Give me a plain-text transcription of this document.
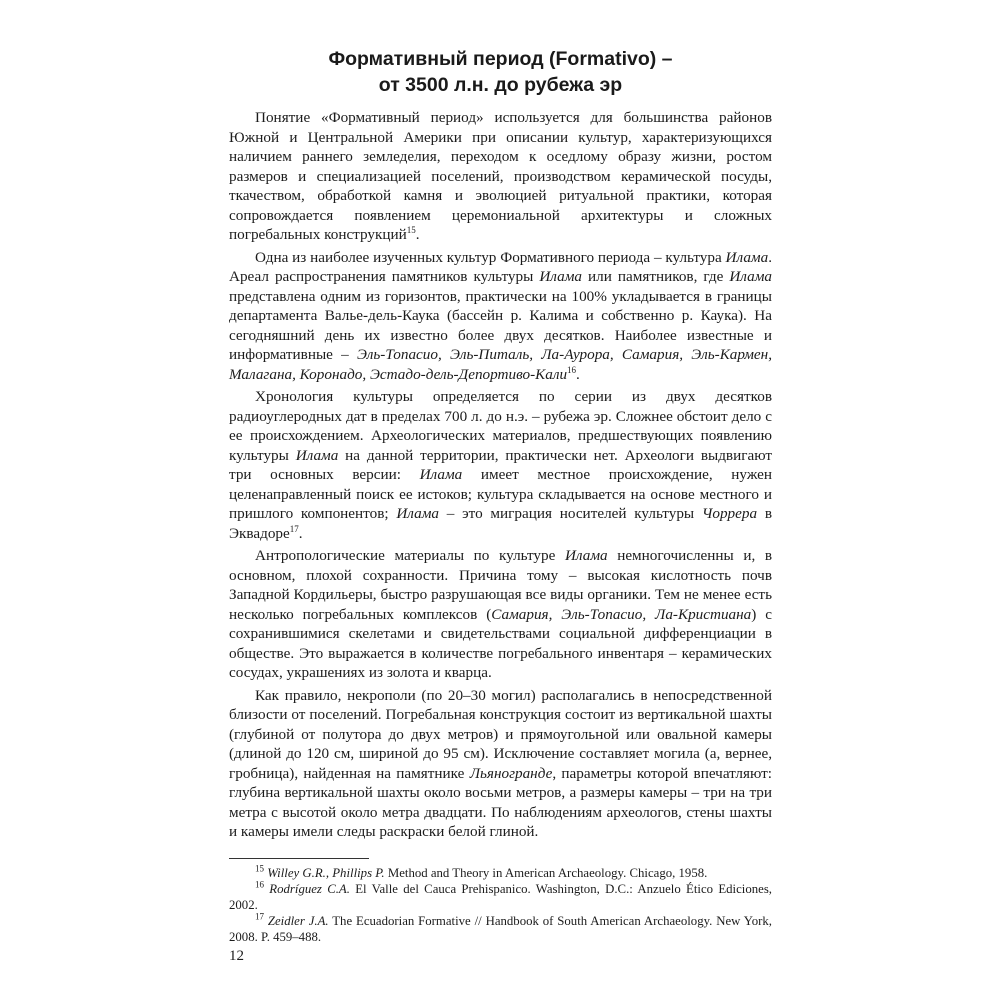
Формативный период (Formativo) –
от 3500 л.н. до рубежа эр

Понятие «Формативный период» используется для большинства районов Южной и Центральной Америки при описании культур, характеризующихся наличием раннего земледелия, переходом к оседлому образу жизни, ростом размеров и специализацией поселений, производством керамической посуды, ткачеством, обработкой камня и эволюцией ритуальной практики, которая сопровождается появлением церемониальной архитектуры и сложных погребальных конструкций$^{15}$.

Одна из наиболее изученных культур Формативного периода – культура Илама. Ареал распространения памятников культуры Илама или памятников, где Илама представлена одним из горизонтов, практически на 100% укладывается в границы департамента Валье-дель-Каука (бассейн р. Калима и собственно р. Каука). На сегодняшний день их известно более двух десятков. Наиболее известные и информативные – Эль-Топасио, Эль-Питаль, Ла-Аурора, Самария, Эль-Кармен, Малагана, Коронадо, Эстадо-дель-Депортиво-Кали$^{16}$.

Хронология культуры определяется по серии из двух десятков радиоуглеродных дат в пределах 700 л. до н.э. – рубежа эр. Сложнее обстоит дело с ее происхождением. Археологических материалов, предшествующих появлению культуры Илама на данной территории, практически нет. Археологи выдвигают три основных версии: Илама имеет местное происхождение, нужен целенаправленный поиск ее истоков; культура складывается на основе местного и пришлого компонентов; Илама – это миграция носителей культуры Чоррера в Эквадоре$^{17}$.

Антропологические материалы по культуре Илама немногочисленны и, в основном, плохой сохранности. Причина тому – высокая кислотность почв Западной Кордильеры, быстро разрушающая все виды органики. Тем не менее есть несколько погребальных комплексов (Самария, Эль-Топасио, Ла-Кристиана) с сохранившимися скелетами и свидетельствами социальной дифференциации в обществе. Это выражается в количестве погребального инвентаря – керамических сосудах, украшениях из золота и кварца.

Как правило, некрополи (по 20–30 могил) располагались в непосредственной близости от поселений. Погребальная конструкция состоит из вертикальной шахты (глубиной от полутора до двух метров) и прямоугольной или овальной камеры (длиной до 120 см, шириной до 95 см). Исключение составляет могила (а, вернее, гробница), найденная на памятнике Льяногранде, параметры которой впечатляют: глубина вертикальной шахты около восьми метров, а размеры камеры – три на три метра с высотой около метра двадцати. По наблюдениям археологов, стены шахты и камеры имели следы раскраски белой глиной.

$^{15}$ Willey G.R., Phillips P. Method and Theory in American Archaeology. Chicago, 1958.

$^{16}$ Rodríguez C.A. El Valle del Cauca Prehispanico. Washington, D.C.: Anzuelo Ético Ediciones, 2002.

$^{17}$ Zeidler J.A. The Ecuadorian Formative // Handbook of South American Archaeology. New York, 2008. P. 459–488.

12
